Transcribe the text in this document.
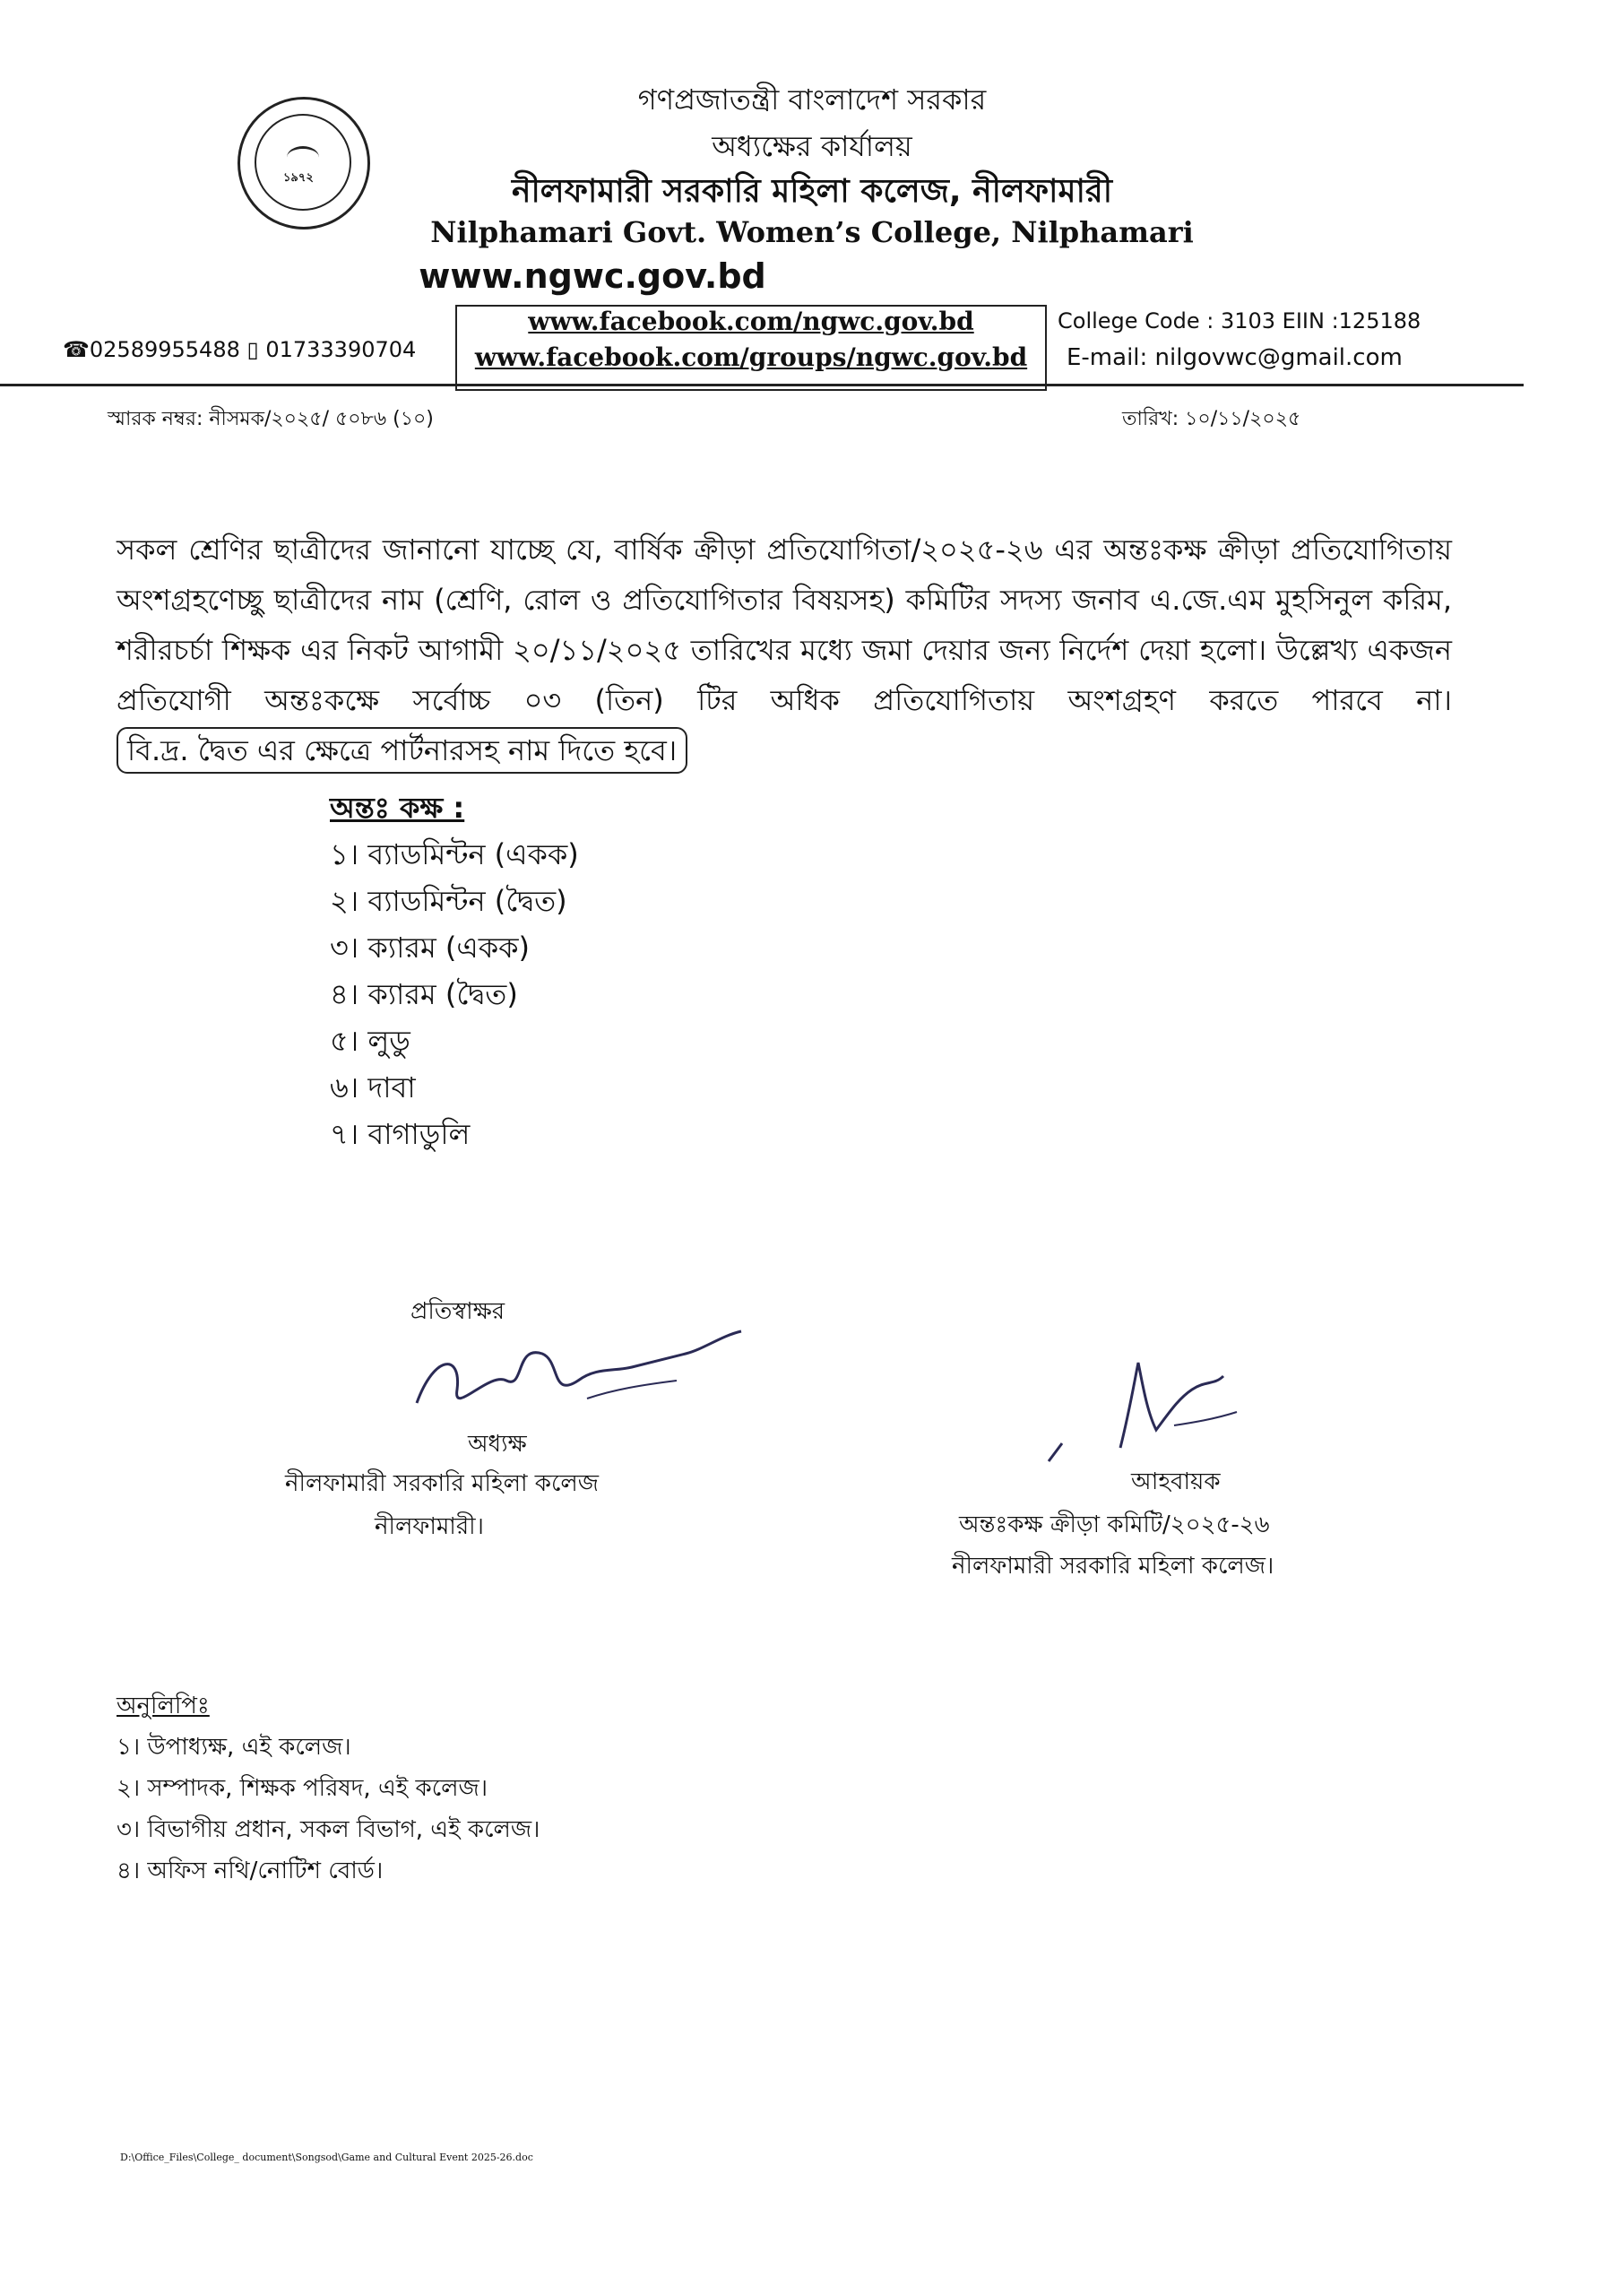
১৯৭২
গণপ্রজাতন্ত্রী বাংলাদেশ সরকার
অধ্যক্ষের কার্যালয়
নীলফামারী সরকারি মহিলা কলেজ, নীলফামারী
Nilphamari Govt. Women’s College, Nilphamari
www.ngwc.gov.bd
www.facebook.com/ngwc.gov.bd
www.facebook.com/groups/ngwc.gov.bd
☎02589955488 ▯ 01733390704
College Code : 3103 EIIN :125188
E-mail: nilgovwc@gmail.com
স্মারক নম্বর: নীসমক/২০২৫/ ৫০৮৬ (১০)	তারিখ: ১০/১১/২০২৫
সকল শ্রেণির ছাত্রীদের জানানো যাচ্ছে যে, বার্ষিক ক্রীড়া প্রতিযোগিতা/২০২৫-২৬ এর অন্তঃকক্ষ ক্রীড়া প্রতিযোগিতায় অংশগ্রহণেচ্ছু ছাত্রীদের নাম (শ্রেণি, রোল ও প্রতিযোগিতার বিষয়সহ) কমিটির সদস্য জনাব এ.জে.এম মুহসিনুল করিম, শরীরচর্চা শিক্ষক এর নিকট আগামী ২০/১১/২০২৫ তারিখের মধ্যে জমা দেয়ার জন্য নির্দেশ দেয়া হলো। উল্লেখ্য একজন প্রতিযোগী অন্তঃকক্ষে সর্বোচ্চ ০৩ (তিন) টির অধিক প্রতিযোগিতায় অংশগ্রহণ করতে পারবে না। বি.দ্র. দ্বৈত এর ক্ষেত্রে পার্টনারসহ নাম দিতে হবে।
অন্তঃ কক্ষ :
১। ব্যাডমিন্টন (একক)
২। ব্যাডমিন্টন (দ্বৈত)
৩। ক্যারম (একক)
৪। ক্যারম (দ্বৈত)
৫। লুডু
৬। দাবা
৭। বাগাডুলি
প্রতিস্বাক্ষর
অধ্যক্ষ
নীলফামারী সরকারি মহিলা কলেজ
নীলফামারী।
আহবায়ক
অন্তঃকক্ষ ক্রীড়া কমিটি/২০২৫-২৬
নীলফামারী সরকারি মহিলা কলেজ।
অনুলিপিঃ
১। উপাধ্যক্ষ, এই কলেজ।
২। সম্পাদক, শিক্ষক পরিষদ, এই কলেজ।
৩। বিভাগীয় প্রধান, সকল বিভাগ, এই কলেজ।
৪। অফিস নথি/নোটিশ বোর্ড।
D:\Office_Files\College_ document\Songsod\Game and Cultural Event 2025-26.doc
